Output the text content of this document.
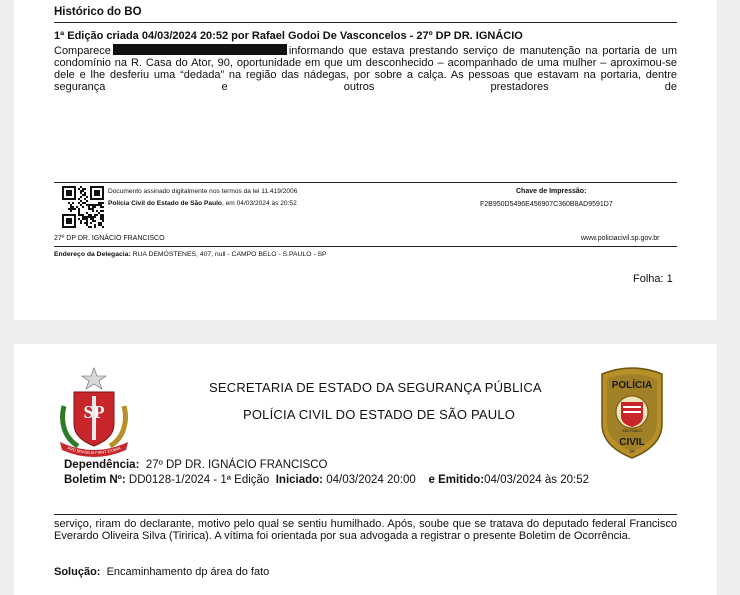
Histórico do BO
1ª Edição criada 04/03/2024 20:52 por Rafael Godoi De Vasconcelos - 27º DP DR. IGNÁCIO

Comparece	informando que estava prestando serviço de manutenção na portaria de um condomínio na R. Casa do Ator, 90, oportunidade em que um desconhecido – acompanhado de uma mulher – aproximou-se dele e lhe desferiu uma “dedada” na região das nádegas, por sobre a calça. As pessoas que estavam na portaria, dentre segurança e outros prestadores de

Documento assinado digitalmente nos termos da lei 11.419/2006
Polícia Civil do Estado de São Paulo, em 04/03/2024 às 20:52
Chave de Impressão:
F2B950D5496E456907C360B8AD9591D7
27º DP DR. IGNÁCIO FRANCISCO	www.policiacivil.sp.gov.br
Endereço da Delegacia: RUA DEMÓSTENES, 407, null - CAMPO BELO - S.PAULO - SP
Folha: 1
SP
PRO BRASILIA FIANT EXIMIA
SECRETARIA DE ESTADO DA SEGURANÇA PÚBLICA
POLÍCIA CIVIL DO ESTADO DE SÃO PAULO
POLÍCIA
SÃO PAULO
CIVIL
SP
Dependência: 27º DP DR. IGNÁCIO FRANCISCO
Boletim Nº: DD0128-1/2024 - 1ª Edição Iniciado: 04/03/2024 20:00 e Emitido:04/03/2024 às 20:52

serviço, riram do declarante, motivo pelo qual se sentiu humilhado. Após, soube que se tratava do deputado federal Francisco Everardo Oliveira Silva (Tiririca). A vítima foi orientada por sua advogada a registrar o presente Boletim de Ocorrência.

Solução: Encaminhamento dp área do fato
